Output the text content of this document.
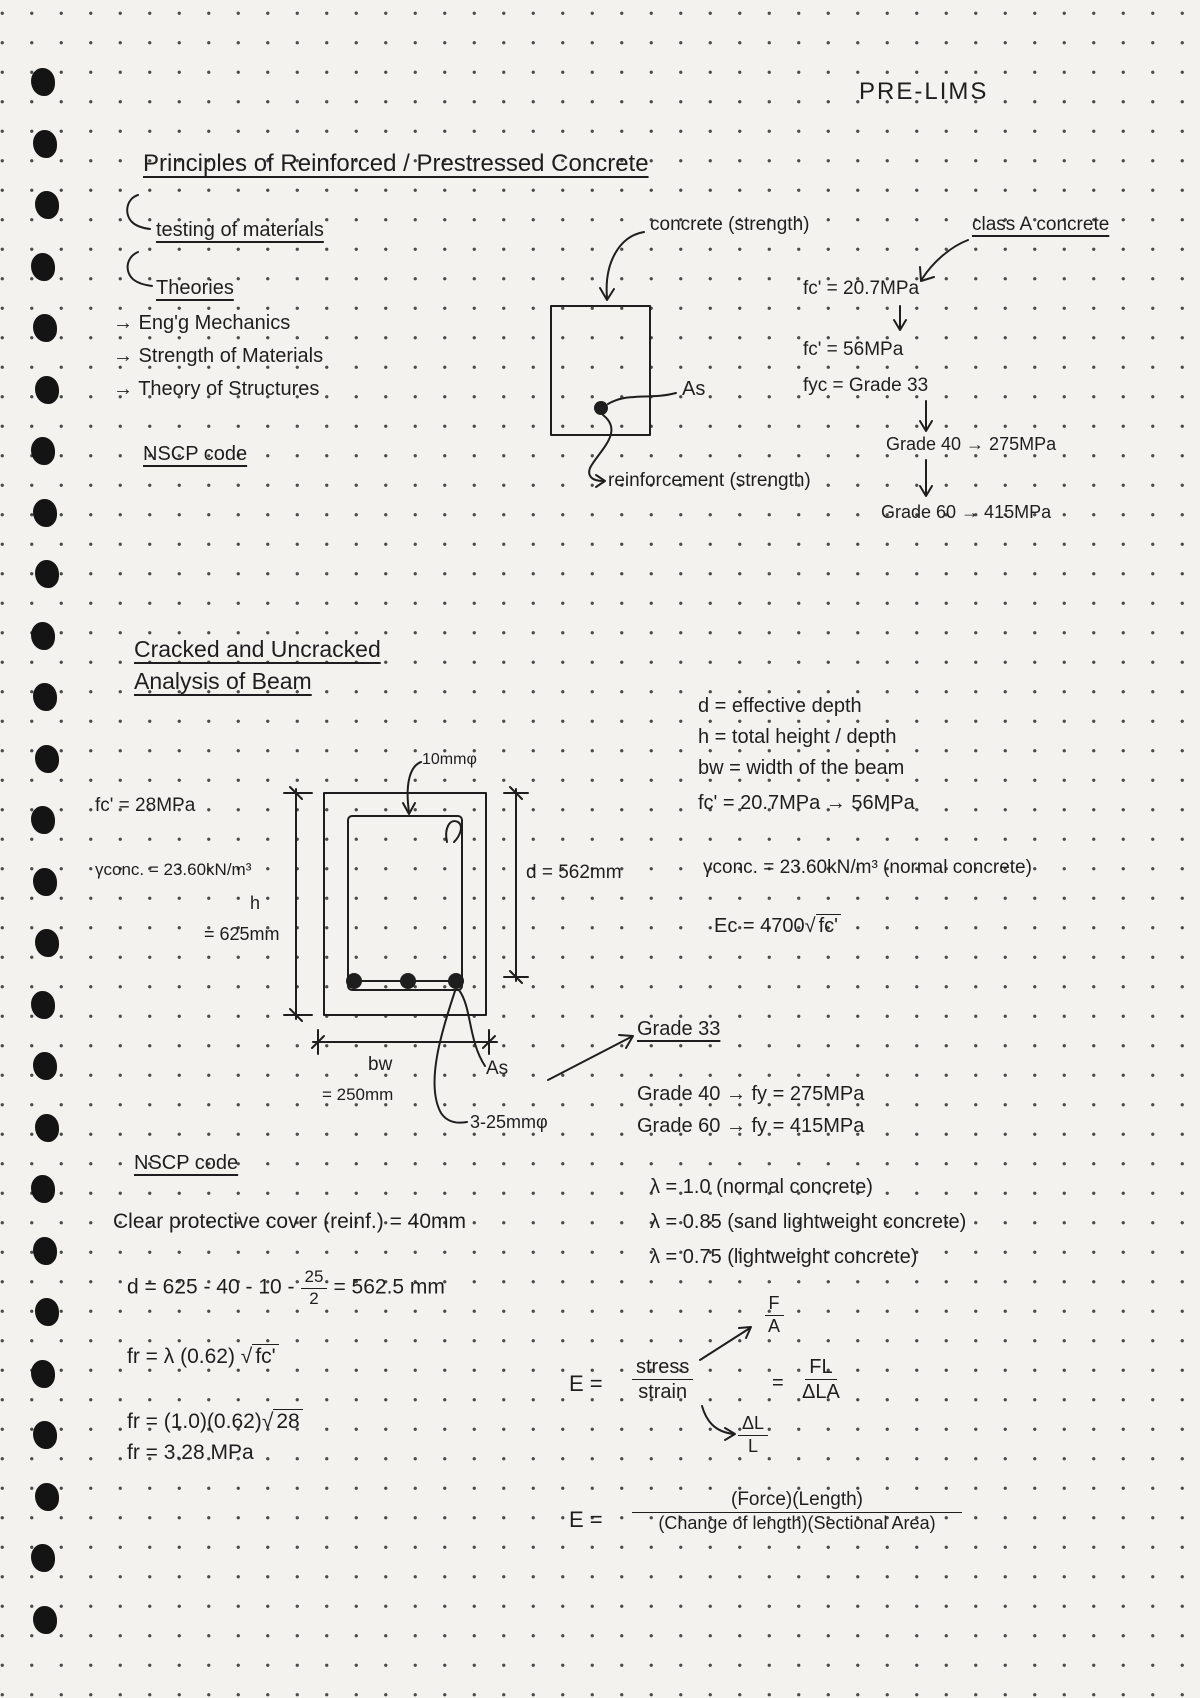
PRE-LIMS
Principles of Reinforced / Prestressed Concrete
testing of materials
Theories
→ Eng'g Mechanics
→ Strength of Materials
→ Theory of Structures
NSCP code
concrete (strength)
As
reinforcement (strength)
class A concrete
fc' = 20.7MPa
fc' = 56MPa
fyc = Grade 33
Grade 40 → 275MPa
Grade 60 → 415MPa
Cracked and Uncracked
Analysis of Beam
d = effective depth
h = total height / depth
bw = width of the beam
fc' = 20.7MPa → 56MPa
fc' = 28MPa
γconc. = 23.60kN/m³
h
= 625mm
10mmφ
d = 562mm
bw
= 250mm
As
3-25mmφ
γconc. = 23.60kN/m³ (normal concrete)
Ec = 4700√ fc'
Grade 33
Grade 40 → fy = 275MPa
Grade 60 → fy = 415MPa
NSCP code
Clear protective cover (reinf.) = 40mm
$d = 625 - 40 - 10 - \frac{25}{2} = 562.5$ mm
fr = λ (0.62) √ fc'
fr = (1.0)(0.62)√ 28
fr = 3.28 MPa
λ = 1.0 (normal concrete)
λ = 0.85 (sand lightweight concrete)
λ = 0.75 (lightweight concrete)
E =
stress
strain	=
FL
ΔLA
$\frac{F}{A}$
$\frac{\Delta L}{L}$
E =
(Force)(Length)
(Change of length)(Sectional Area)
